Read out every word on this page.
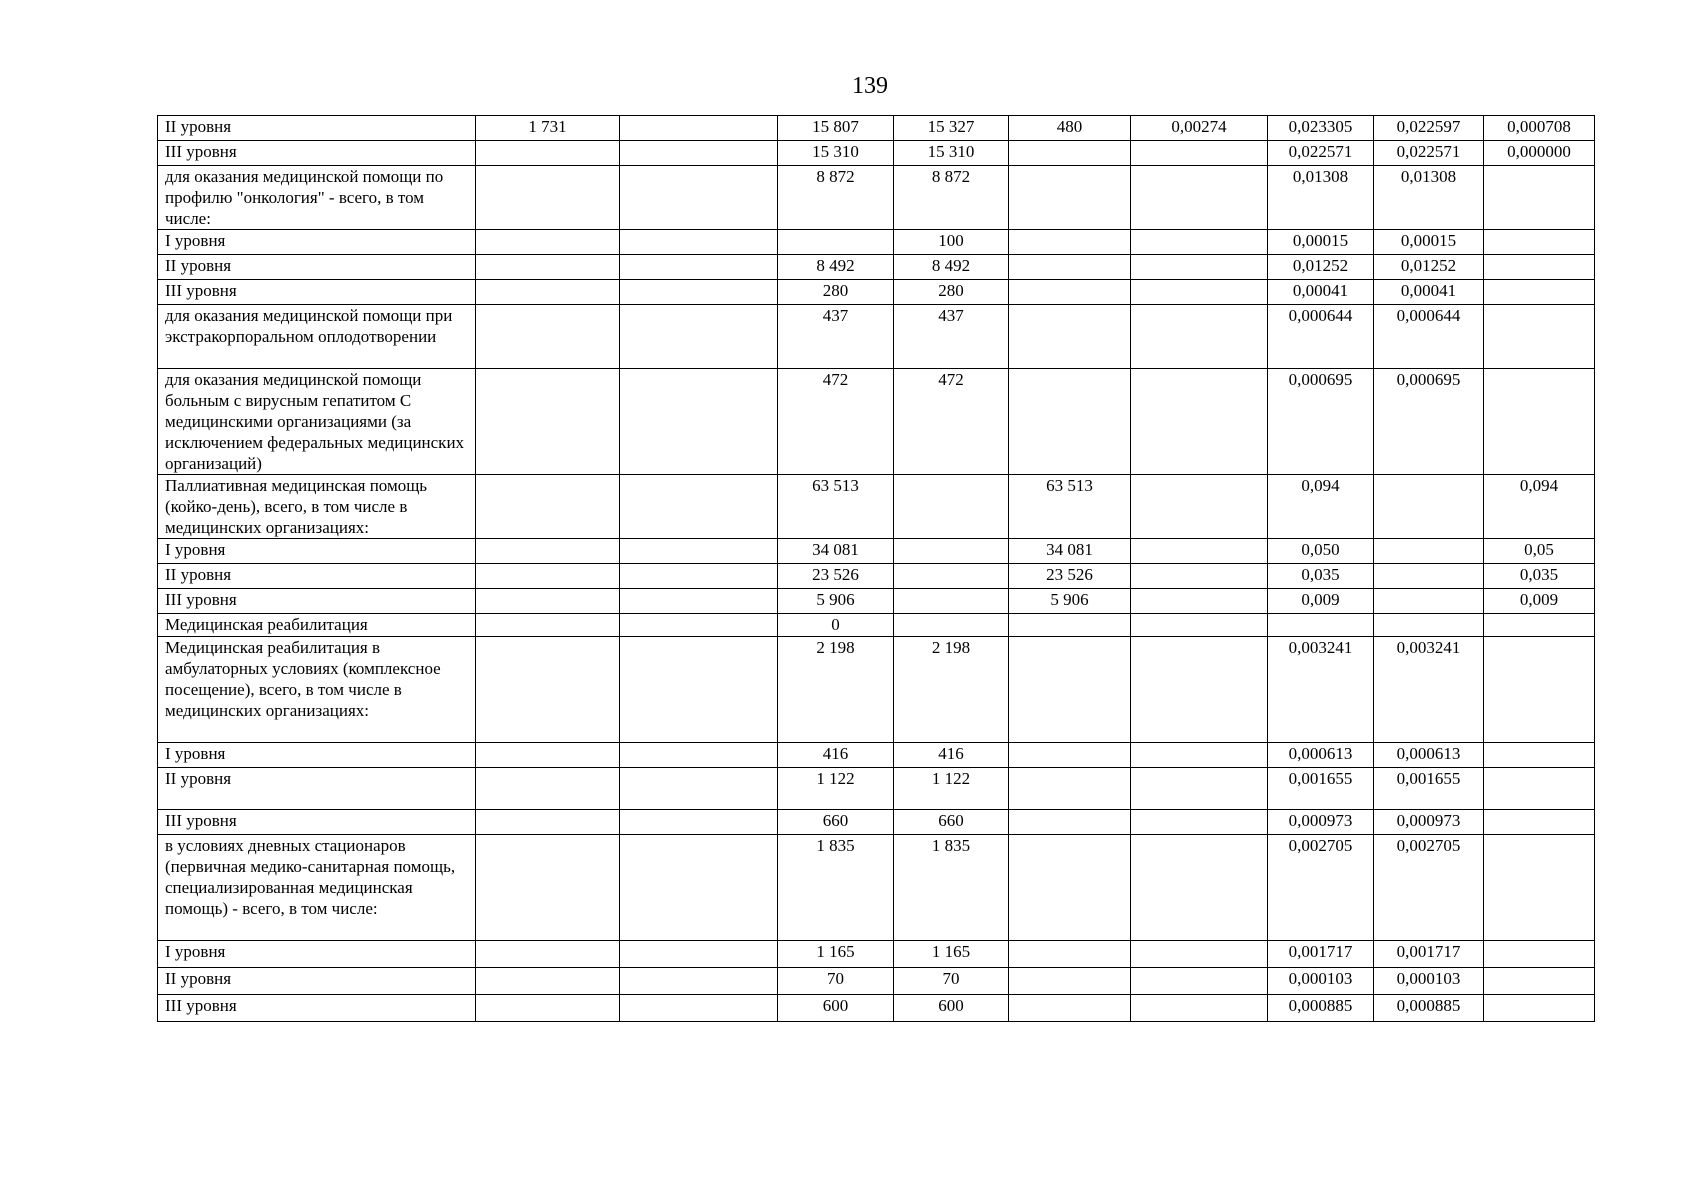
139
II уровня	1 731		15 807	15 327	480	0,00274	0,023305	0,022597	0,000708
III уровня			15 310	15 310			0,022571	0,022571	0,000000
для оказания медицинской помощи по профилю "онкология" - всего, в том числе:			8 872	8 872			0,01308	0,01308	
I уровня				100			0,00015	0,00015	
II уровня			8 492	8 492			0,01252	0,01252	
III уровня			280	280			0,00041	0,00041	
для оказания медицинской помощи при экстракорпоральном оплодотворении			437	437			0,000644	0,000644	
для оказания медицинской помощи больным с вирусным гепатитом С медицинскими организациями (за исключением федеральных медицинских организаций)			472	472			0,000695	0,000695	
Паллиативная медицинская помощь (койко-день), всего, в том числе в медицинских организациях:			63 513		63 513		0,094		0,094
I уровня			34 081		34 081		0,050		0,05
II уровня			23 526		23 526		0,035		0,035
III уровня			5 906		5 906		0,009		0,009
Медицинская реабилитация			0						
Медицинская реабилитация в амбулаторных условиях (комплексное посещение), всего, в том числе в медицинских организациях:			2 198	2 198			0,003241	0,003241	
I уровня			416	416			0,000613	0,000613	
II уровня			1 122	1 122			0,001655	0,001655	
III уровня			660	660			0,000973	0,000973	
в условиях дневных стационаров (первичная медико-санитарная помощь, специализированная медицинская помощь) - всего, в том числе:			1 835	1 835			0,002705	0,002705	
I уровня			1 165	1 165			0,001717	0,001717	
II уровня			70	70			0,000103	0,000103	
III уровня			600	600			0,000885	0,000885	
